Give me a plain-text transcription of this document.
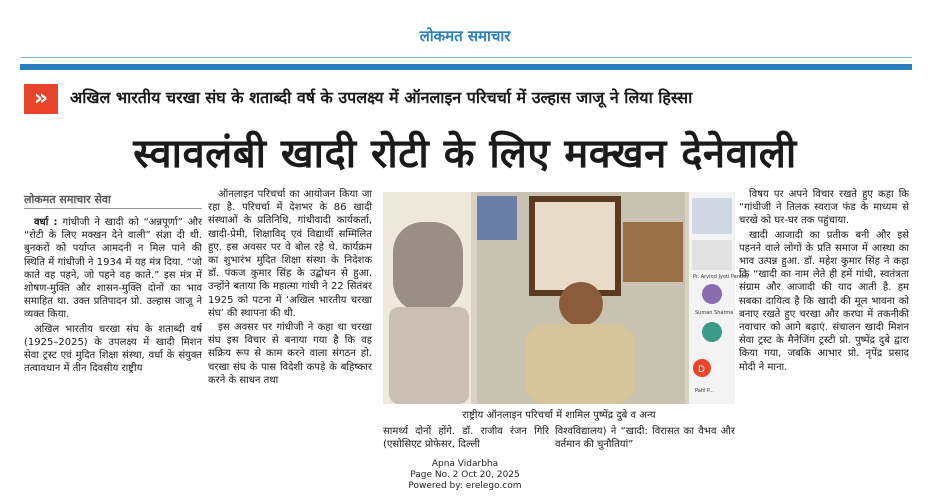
लोकमत समाचार
»	अखिल भारतीय चरखा संघ के शताब्दी वर्ष के उपलक्ष्य में ऑनलाइन परिचर्चा में उल्हास जाजू ने लिया हिस्सा
स्वावलंबी खादी रोटी के लिए मक्खन देनेवाली
लोकमत समाचार सेवा

वर्धा : गांधीजी ने खादी को “अन्नपूर्णा” और “रोटी के लिए मक्खन देने वाली” संज्ञा दी थी. बुनकरों को पर्याप्त आमदनी न मिल पाने की स्थिति में गांधीजी ने 1934 में यह मंत्र दिया. “जो काते वह पहने, जो पहने वह काते.” इस मंत्र में शोषण-मुक्ति और शासन-मुक्ति दोनों का भाव समाहित था. उक्त प्रतिपादन प्रो. उल्हास जाजू ने व्यक्त किया.

अखिल भारतीय चरखा संघ के शताब्दी वर्ष (1925–2025) के उपलक्ष्य में खादी मिशन सेवा ट्रस्ट एवं मुदित शिक्षा संस्था, वर्धा के संयुक्त तत्वावधान में तीन दिवसीय राष्ट्रीय

ऑनलाइन परिचर्चा का आयोजन किया जा रहा है. परिचर्चा में देशभर के 86 खादी संस्थाओं के प्रतिनिधि, गांधीवादी कार्यकर्ता, खादी-प्रेमी, शिक्षाविद् एवं विद्यार्थी सम्मिलित हुए. इस अवसर पर वे बोल रहे थे. कार्यक्रम का शुभारंभ मुदित शिक्षा संस्था के निदेशक डॉ. पंकज कुमार सिंह के उद्बोधन से हुआ. उन्होंने बताया कि महात्मा गांधी ने 22 सितंबर 1925 को पटना में ‘अखिल भारतीय चरखा संघ’ की स्थापना की थी.

इस अवसर पर गांधीजी ने कहा था चरखा संघ इस विचार से बनाया गया है कि वह सक्रिय रूप से काम करने वाला संगठन हो. चरखा संघ के पास विदेशी कपड़े के बहिष्कार करने के साधन तथा

Pr. Arvind Jyoti Pandey
Suman Sharma
D
Pahl P...
राष्ट्रीय ऑनलाइन परिचर्चा में शामिल पुष्पेंद्र दुबे व अन्य
सामर्थ्य दोनों होंगे. डॉ. राजीव रंजन गिरि (एसोसिएट प्रोफेसर, दिल्ली
विश्वविद्यालय) ने “खादी: विरासत का वैभव और वर्तमान की चुनौतियां”

विषय पर अपने विचार रखते हुए कहा कि “गांधीजी ने तिलक स्वराज फंड के माध्यम से चरखे को घर-घर तक पहुंचाया.

खादी आजादी का प्रतीक बनी और इसे पहनने वाले लोगों के प्रति समाज में आस्था का भाव उत्पन्न हुआ. डॉ. महेश कुमार सिंह ने कहा कि “खादी का नाम लेते ही हमें गांधी, स्वतंत्रता संग्राम और आजादी की याद आती है. हम सबका दायित्व है कि खादी की मूल भावना को बनाए रखते हुए चरखा और करघा में तकनीकी नवाचार को आगे बढ़ाएं. संचालन खादी मिशन सेवा ट्रस्ट के मैनेजिंग ट्रस्टी प्रो. पुष्पेंद्र दुबे द्वारा किया गया, जबकि आभार प्रो. नृपेंद्र प्रसाद मोदी ने माना.

Apna Vidarbha
Page No. 2 Oct 20, 2025
Powered by: erelego.com
